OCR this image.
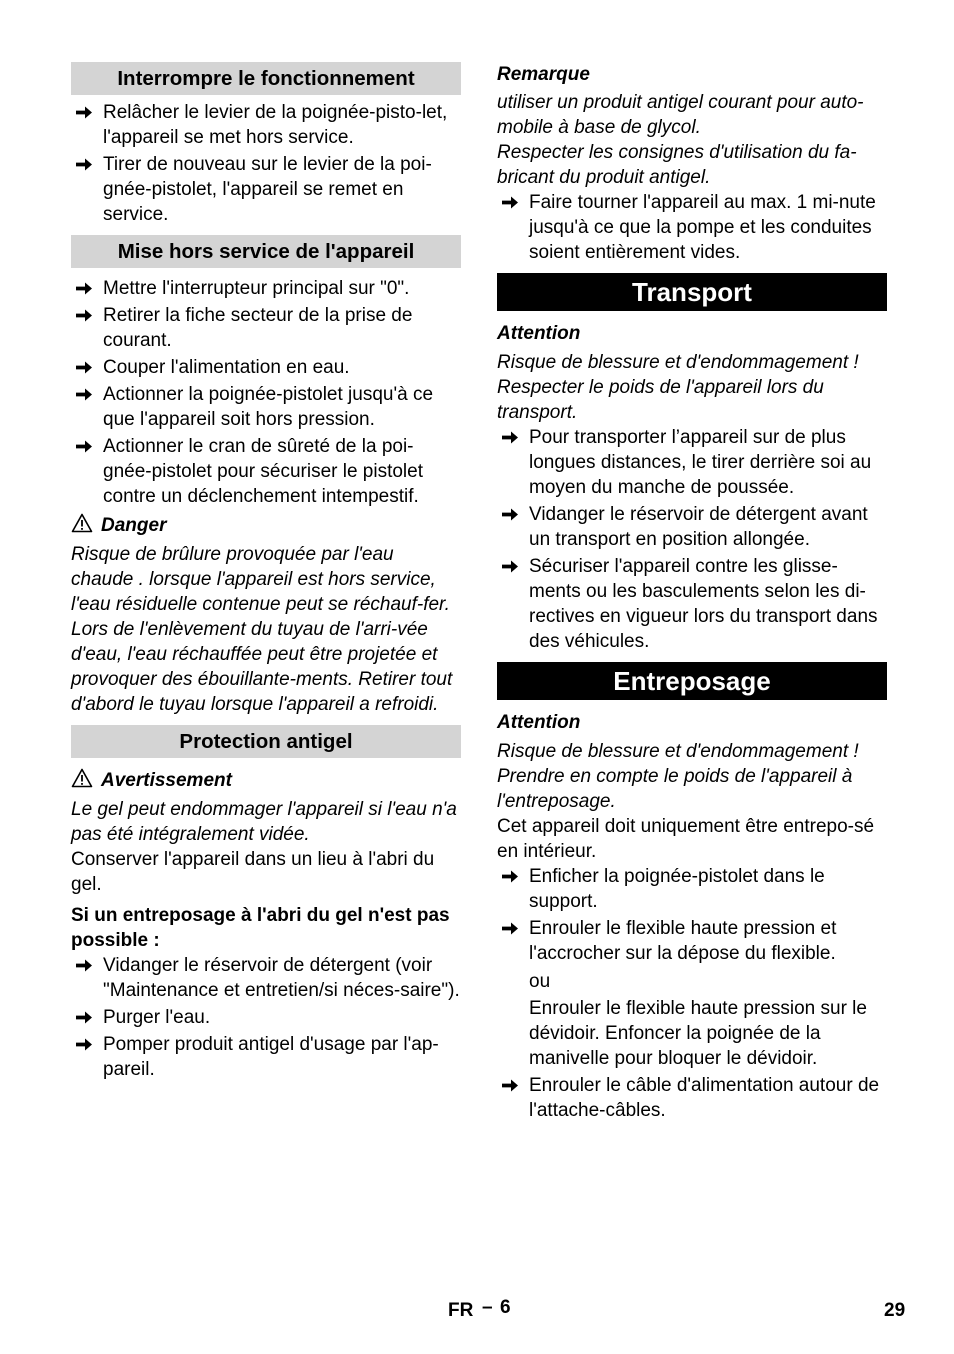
Interrompre le fonctionnement
Relâcher le levier de la poignée-pisto-let, l'appareil se met hors service.
Tirer de nouveau sur le levier de la poi-gnée-pistolet, l'appareil se remet en service.
Mise hors service de l'appareil
Mettre l'interrupteur principal sur "0".
Retirer la fiche secteur de la prise de courant.
Couper l'alimentation en eau.
Actionner la poignée-pistolet jusqu'à ce que l'appareil soit hors pression.
Actionner le cran de sûreté de la poi-gnée-pistolet pour sécuriser le pistolet contre un déclenchement intempestif.
Danger

Risque de brûlure provoquée par l'eau chaude . lorsque l'appareil est hors service, l'eau résiduelle contenue peut se réchauf-fer. Lors de l'enlèvement du tuyau de l'arri-vée d'eau, l'eau réchauffée peut être projetée et provoquer des ébouillante-ments. Retirer tout d'abord le tuyau lorsque l'appareil a refroidi.

Protection antigel
Avertissement

Le gel peut endommager l'appareil si l'eau n'a pas été intégralement vidée.

Conserver l'appareil dans un lieu à l'abri du gel.

Si un entreposage à l'abri du gel n'est pas possible :

Vidanger le réservoir de détergent (voir "Maintenance et entretien/si néces-saire").
Purger l'eau.
Pomper produit antigel d'usage par l'ap-pareil.
Remarque

utiliser un produit antigel courant pour auto-mobile à base de glycol.

Respecter les consignes d'utilisation du fa-bricant du produit antigel.

Faire tourner l'appareil au max. 1 mi-nute jusqu'à ce que la pompe et les conduites soient entièrement vides.
Transport
Attention

Risque de blessure et d'endommagement ! Respecter le poids de l'appareil lors du transport.

Pour transporter l’appareil sur de plus longues distances, le tirer derrière soi au moyen du manche de poussée.
Vidanger le réservoir de détergent avant un transport en position allongée.
Sécuriser l'appareil contre les glisse-ments ou les basculements selon les di-rectives en vigueur lors du transport dans des véhicules.
Entreposage
Attention

Risque de blessure et d'endommagement ! Prendre en compte le poids de l'appareil à l'entreposage.

Cet appareil doit uniquement être entrepo-sé en intérieur.

Enficher la poignée-pistolet dans le support.
Enrouler le flexible haute pression et l'accrocher sur la dépose du flexible.
ou
Enrouler le flexible haute pression sur le dévidoir. Enfoncer la poignée de la manivelle pour bloquer le dévidoir.
Enrouler le câble d'alimentation autour de l'attache-câbles.
FR – 6	29
